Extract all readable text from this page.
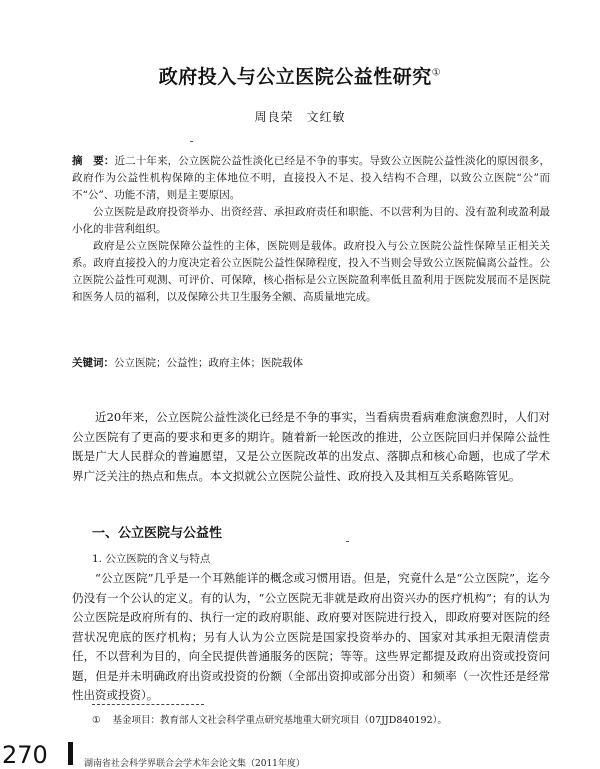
政府投入与公立医院公益性研究①
周良荣　文红敏

摘　要：近二十年来，公立医院公益性淡化已经是不争的事实。导致公立医院公益性淡化的原因很多，政府作为公益性机构保障的主体地位不明，直接投入不足、投入结构不合理，以致公立医院“公”而不“公”、功能不清，则是主要原因。

公立医院是政府投资举办、出资经营、承担政府责任和职能、不以营利为目的、没有盈利或盈利最小化的非营利组织。

政府是公立医院保障公益性的主体，医院则是载体。政府投入与公立医院公益性保障呈正相关关系。政府直接投入的力度决定着公立医院公益性保障程度，投入不当则会导致公立医院偏离公益性。公立医院公益性可观测、可评价、可保障，核心指标是公立医院盈利率低且盈利用于医院发展而不是医院和医务人员的福利，以及保障公共卫生服务全额、高质量地完成。

关键词：公立医院；公益性；政府主体；医院载体

近20年来，公立医院公益性淡化已经是不争的事实，当看病贵看病难愈演愈烈时，人们对公立医院有了更高的要求和更多的期许。随着新一轮医改的推进，公立医院回归并保障公益性既是广大人民群众的普遍愿望，又是公立医院改革的出发点、落脚点和核心命题，也成了学术界广泛关注的热点和焦点。本文拟就公立医院公益性、政府投入及其相互关系略陈管见。

一、公立医院与公益性
1. 公立医院的含义与特点

“公立医院”几乎是一个耳熟能详的概念或习惯用语。但是，究竟什么是“公立医院”，迄今仍没有一个公认的定义。有的认为，“公立医院无非就是政府出资兴办的医疗机构”；有的认为公立医院是政府所有的、执行一定的政府职能、政府要对医院进行投入，即政府要对医院的经营状况兜底的医疗机构；另有人认为公立医院是国家投资举办的、国家对其承担无限清偿责任，不以营利为目的，向全民提供普通服务的医院；等等。这些界定都提及政府出资或投资问题，但是并未明确政府出资或投资的份额（全部出资抑或部分出资）和频率（一次性还是经常性出资或投资）。

① 基金项目：教育部人文社会科学重点研究基地重大研究项目（07JJD840192）。
270	湖南省社会科学界联合会学术年会论文集（2011年度）
